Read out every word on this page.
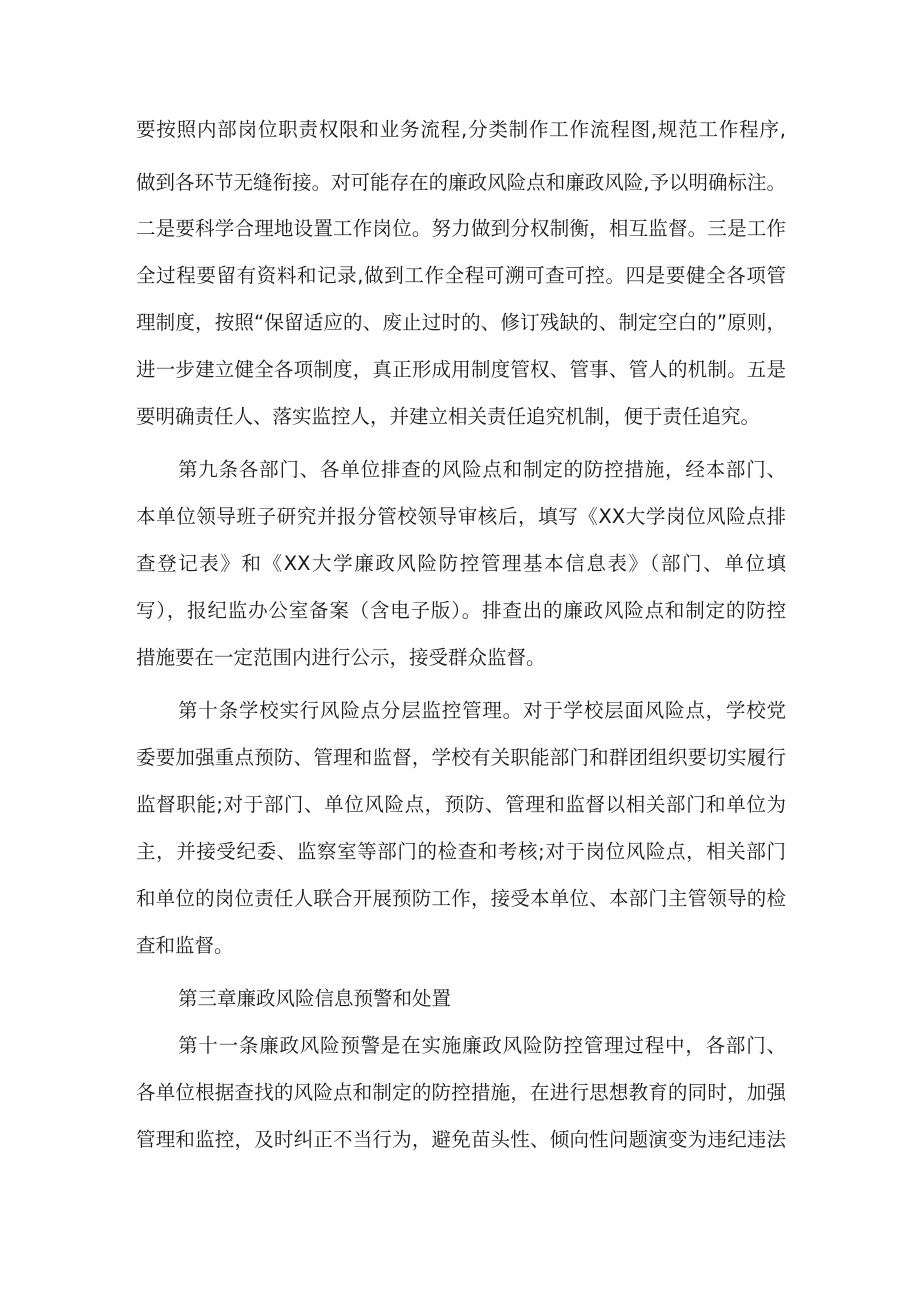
要按照内部岗位职责权限和业务流程,分类制作工作流程图,规范工作程序,
做到各环节无缝衔接。对可能存在的廉政风险点和廉政风险,予以明确标注。
二是要科学合理地设置工作岗位。努力做到分权制衡，相互监督。三是工作
全过程要留有资料和记录,做到工作全程可溯可查可控。四是要健全各项管
理制度，按照“保留适应的、废止过时的、修订残缺的、制定空白的”原则，
进一步建立健全各项制度，真正形成用制度管权、管事、管人的机制。五是
要明确责任人、落实监控人，并建立相关责任追究机制，便于责任追究。
第九条各部门、各单位排查的风险点和制定的防控措施，经本部门、
本单位领导班子研究并报分管校领导审核后，填写《XX大学岗位风险点排
查登记表》和《XX大学廉政风险防控管理基本信息表》（部门、单位填
写），报纪监办公室备案（含电子版）。排查出的廉政风险点和制定的防控
措施要在一定范围内进行公示，接受群众监督。
第十条学校实行风险点分层监控管理。对于学校层面风险点，学校党
委要加强重点预防、管理和监督，学校有关职能部门和群团组织要切实履行
监督职能;对于部门、单位风险点，预防、管理和监督以相关部门和单位为
主，并接受纪委、监察室等部门的检查和考核;对于岗位风险点，相关部门
和单位的岗位责任人联合开展预防工作，接受本单位、本部门主管领导的检
查和监督。
第三章廉政风险信息预警和处置
第十一条廉政风险预警是在实施廉政风险防控管理过程中，各部门、
各单位根据查找的风险点和制定的防控措施，在进行思想教育的同时，加强
管理和监控，及时纠正不当行为，避免苗头性、倾向性问题演变为违纪违法
